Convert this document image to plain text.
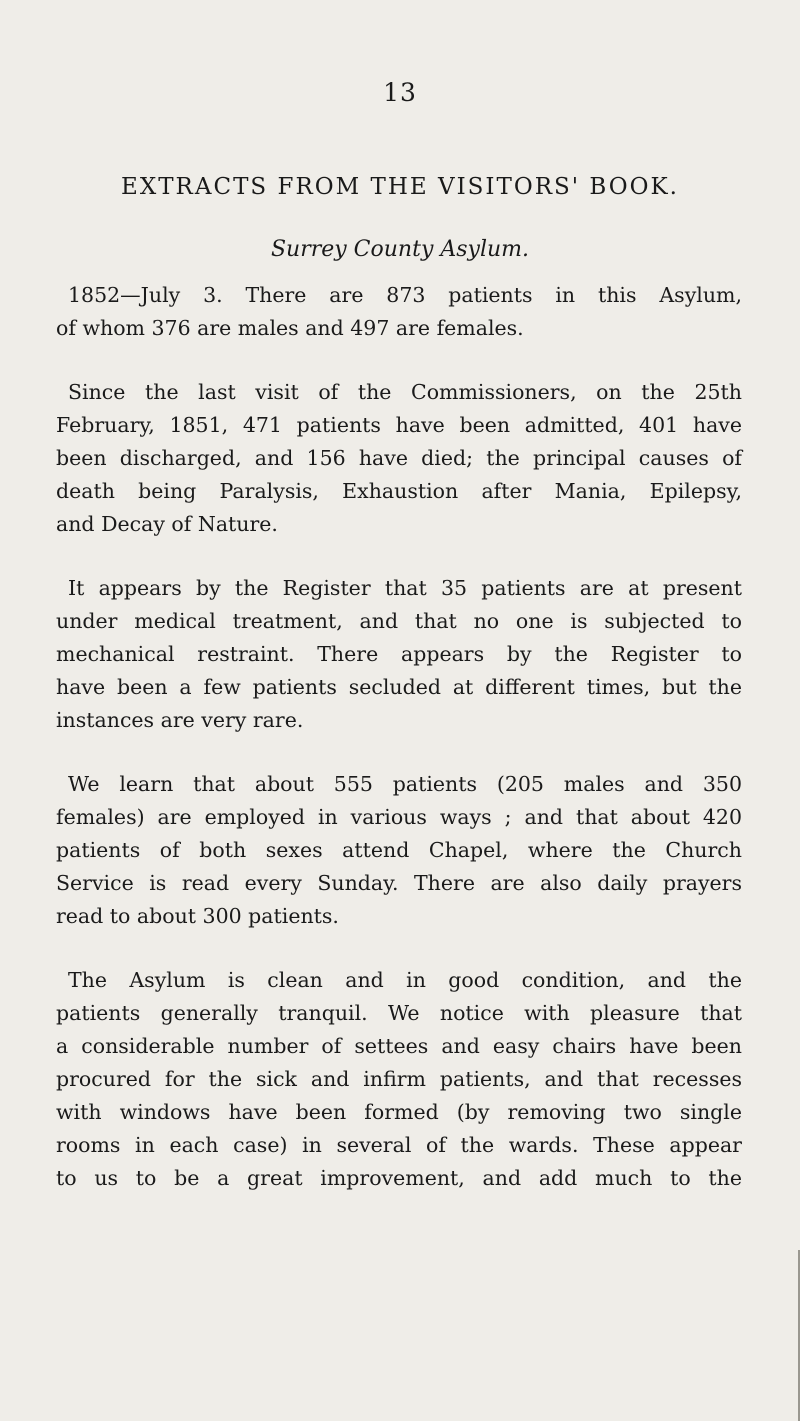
13
EXTRACTS FROM THE VISITORS' BOOK.
Surrey County Asylum.
1852—July 3. There are 873 patients in this Asylum,
of whom 376 are males and 497 are females.
Since the last visit of the Commissioners, on the 25th
February, 1851, 471 patients have been admitted, 401 have
been discharged, and 156 have died; the principal causes of
death being Paralysis, Exhaustion after Mania, Epilepsy,
and Decay of Nature.
It appears by the Register that 35 patients are at present
under medical treatment, and that no one is subjected to
mechanical restraint. There appears by the Register to
have been a few patients secluded at different times, but the
instances are very rare.
We learn that about 555 patients (205 males and 350
females) are employed in various ways ; and that about 420
patients of both sexes attend Chapel, where the Church
Service is read every Sunday. There are also daily prayers
read to about 300 patients.
The Asylum is clean and in good condition, and the
patients generally tranquil. We notice with pleasure that
a considerable number of settees and easy chairs have been
procured for the sick and infirm patients, and that recesses
with windows have been formed (by removing two single
rooms in each case) in several of the wards. These appear
to us to be a great improvement, and add much to the
